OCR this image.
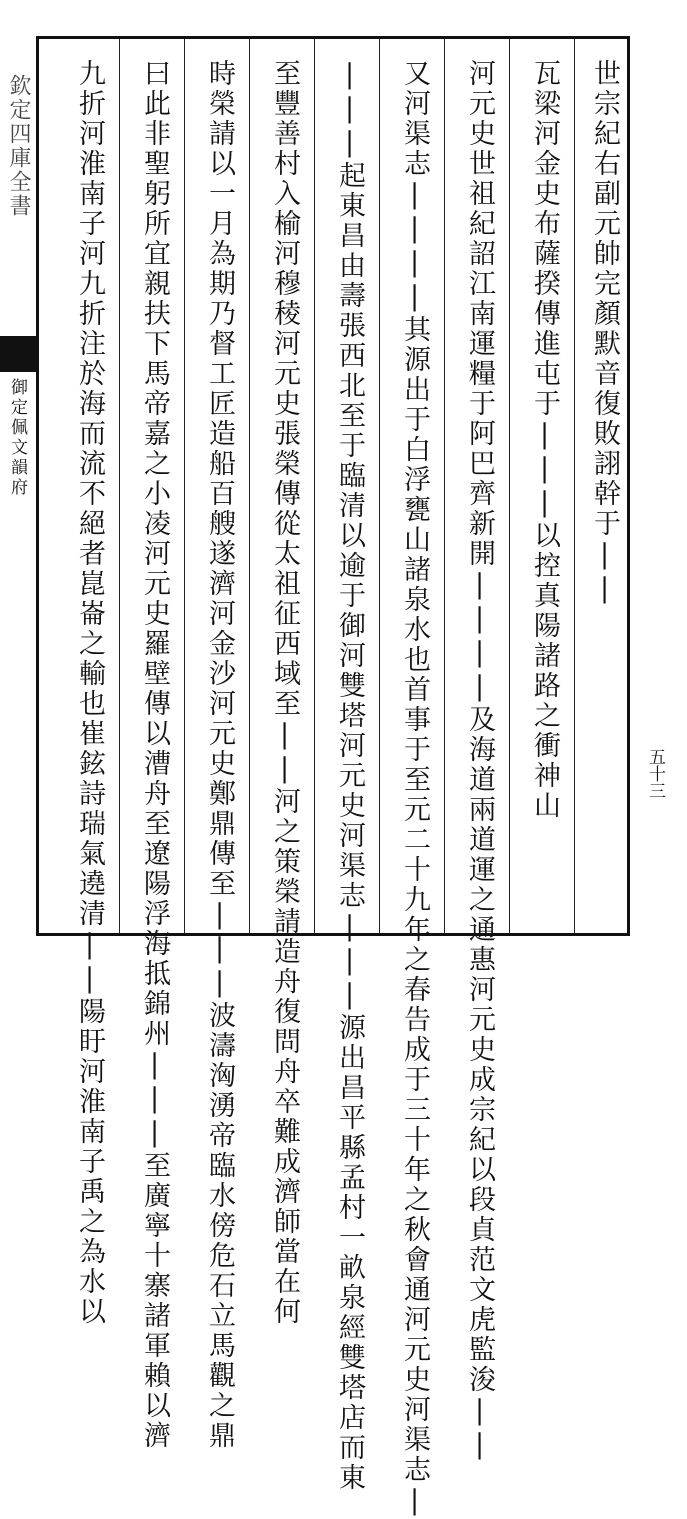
欽定四庫全書
御定佩文韻府	世宗紀右副元帥完顏默音復敗詡幹于||
瓦梁河金史布薩揆傳進屯于|||以控真陽諸路之衝神山
河元史世祖紀詔江南運糧于阿巴齊新開||||及海道兩道運之通惠河元史成宗紀以段貞范文虎監浚||
又河渠志||||其源出于白浮甕山諸泉水也首事于至元二十九年之春告成于三十年之秋會通河元史河渠志|
|||起東昌由壽張西北至于臨清以逾于御河雙塔河元史河渠志|||源出昌平縣孟村一畝泉經雙塔店而東
至豐善村入榆河穆稜河元史張榮傳從太祖征西域至||河之策榮請造舟復問舟卒難成濟師當在何
時榮請以一月為期乃督工匠造船百艘遂濟河金沙河元史鄭鼎傳至|||波濤洶湧帝臨水傍危石立馬觀之鼎
曰此非聖躬所宜親扶下馬帝嘉之小凌河元史羅壁傳以漕舟至遼陽浮海抵錦州|||至廣寧十寨諸軍賴以濟
九折河淮南子河九折注於海而流不絕者崑崙之輸也崔鉉詩瑞氣遶清||陽盱河淮南子禹之為水以	五十三
